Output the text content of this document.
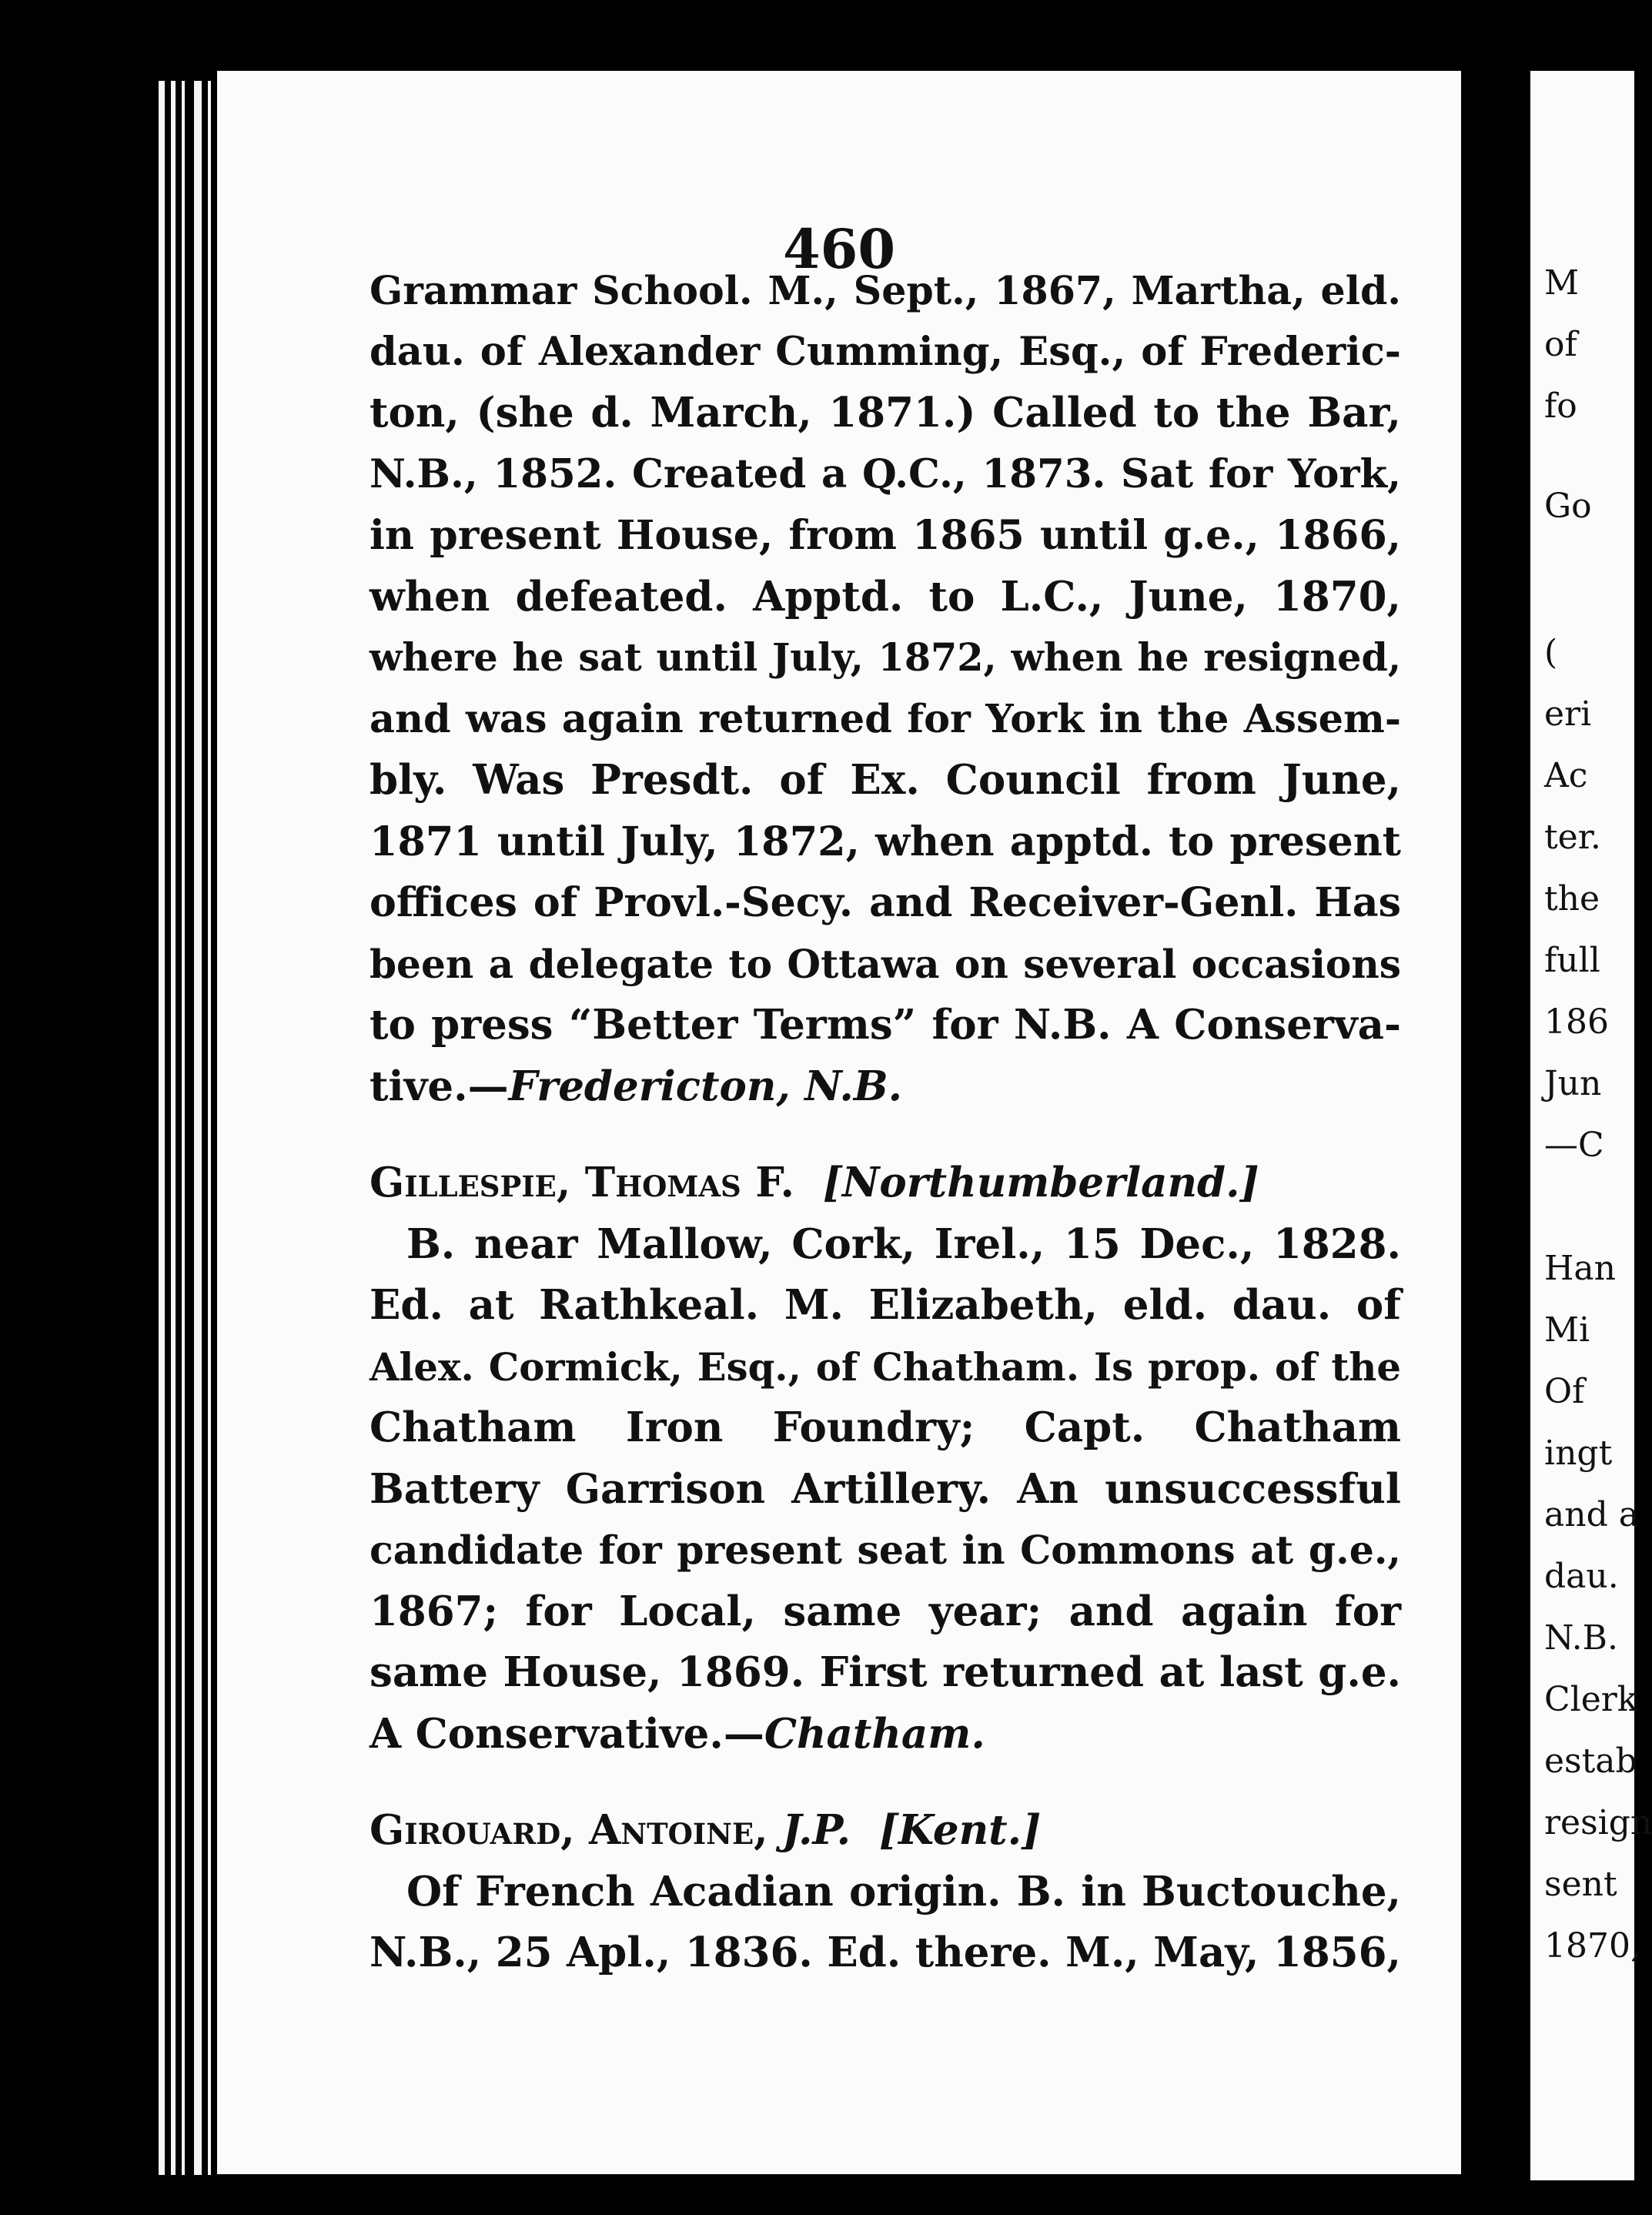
460
Grammar School. M., Sept., 1867, Martha, eld.
dau. of Alexander Cumming, Esq., of Frederic-
ton, (she d. March, 1871.) Called to the Bar,
N.B., 1852. Created a Q.C., 1873. Sat for York,
in present House, from 1865 until g.e., 1866,
when defeated. Apptd. to L.C., June, 1870,
where he sat until July, 1872, when he resigned,
and was again returned for York in the Assem-
bly. Was Presdt. of Ex. Council from June,
1871 until July, 1872, when apptd. to present
offices of Provl.-Secy. and Receiver-Genl. Has
been a delegate to Ottawa on several occasions
to press “Better Terms” for N.B. A Conserva-
tive.—Fredericton, N.B.
Gillespie, Thomas F. [Northumberland.]
B. near Mallow, Cork, Irel., 15 Dec., 1828.
Ed. at Rathkeal. M. Elizabeth, eld. dau. of
Alex. Cormick, Esq., of Chatham. Is prop. of the
Chatham Iron Foundry; Capt. Chatham
Battery Garrison Artillery. An unsuccessful
candidate for present seat in Commons at g.e.,
1867; for Local, same year; and again for
same House, 1869. First returned at last g.e.
A Conservative.—Chatham.
Girouard, Antoine, J.P. [Kent.]
Of French Acadian origin. B. in Buctouche,
N.B., 25 Apl., 1836. Ed. there. M., May, 1856,
M
of
fo
Go
(
eri
Ac
ter.
the
full
186
Jun
—C
Han
Mi
Of
ingt
and a
dau.
N.B.
Clerk
estab
resign
sent
1870,
